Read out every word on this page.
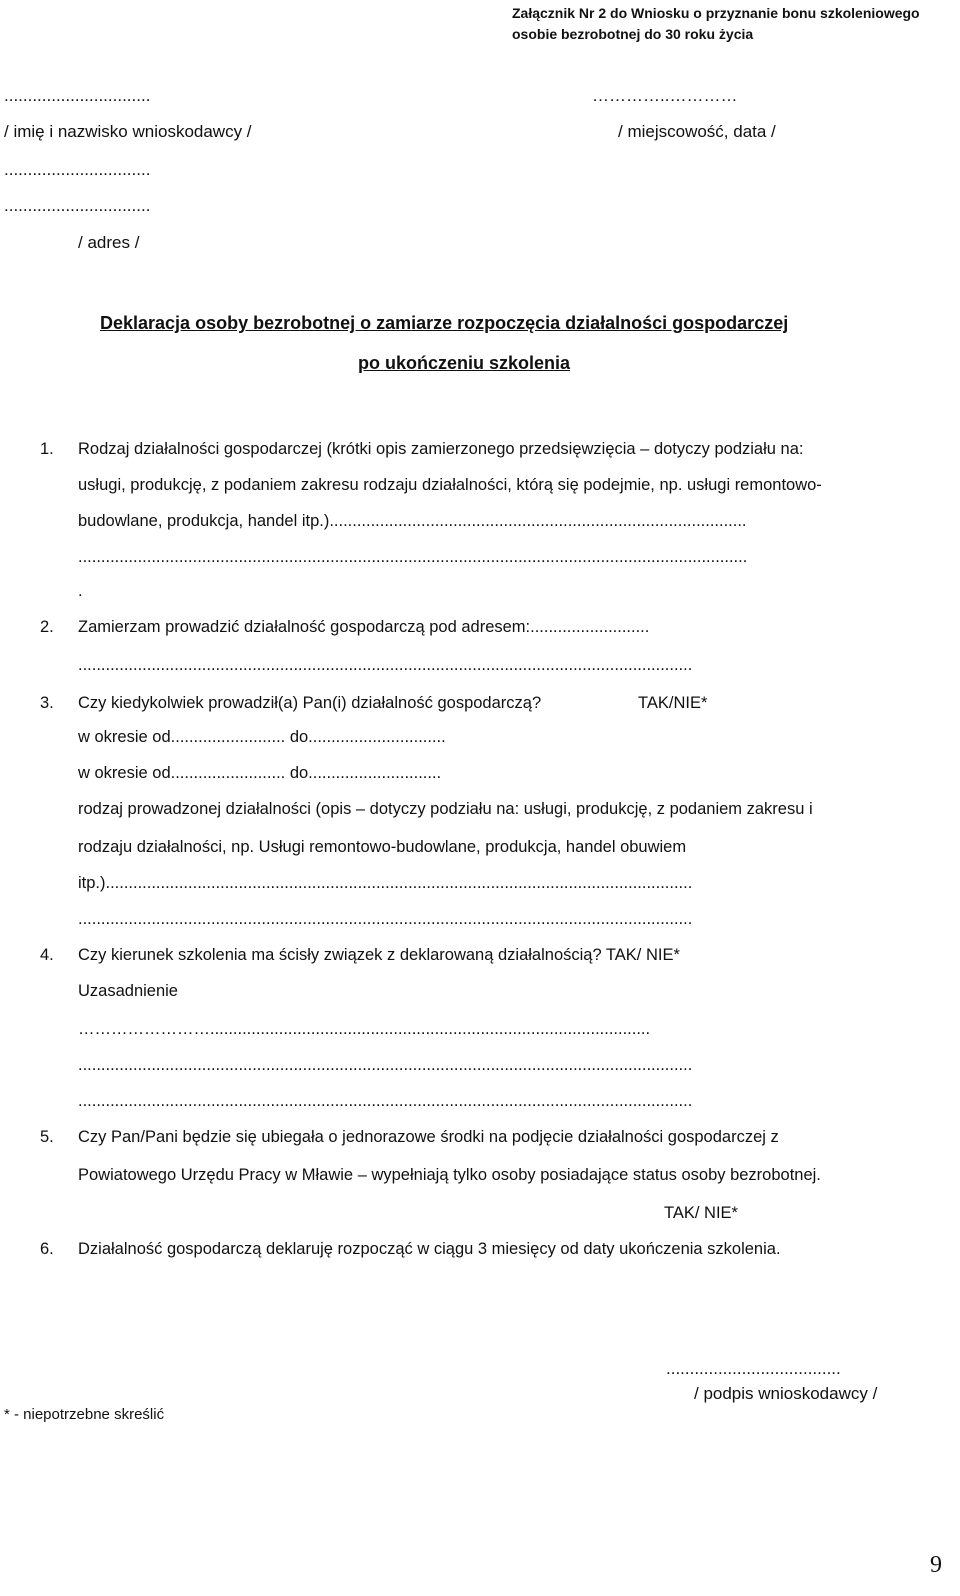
Załącznik Nr 2 do Wniosku o przyznanie bonu szkoleniowego
osobie bezrobotnej do 30 roku życia
...............................	…………..…………
/ imię i nazwisko wnioskodawcy /	/ miejscowość, data /
...............................
...............................
/ adres /
Deklaracja osoby bezrobotnej o zamiarze rozpoczęcia działalności gospodarczej
po ukończeniu szkolenia
1. Rodzaj działalności gospodarczej (krótki opis zamierzonego przedsięwzięcia – dotyczy podziału na:
usługi, produkcję, z podaniem zakresu rodzaju działalności, którą się podejmie, np. usługi remontowo-
budowlane, produkcja, handel itp.)...........................................................................................
..................................................................................................................................................
.
2. Zamierzam prowadzić działalność gospodarczą pod adresem:..........................
......................................................................................................................................
3. Czy kiedykolwiek prowadził(a) Pan(i) działalność gospodarczą?	TAK/NIE*
w okresie od......................... do..............................
w okresie od......................... do.............................
rodzaj prowadzonej działalności (opis – dotyczy podziału na: usługi, produkcję, z podaniem zakresu i
rodzaju działalności, np. Usługi remontowo-budowlane, produkcja, handel obuwiem
itp.)................................................................................................................................
......................................................................................................................................
4. Czy kierunek szkolenia ma ścisły związek z deklarowaną działalnością? TAK/ NIE*
Uzasadnienie
……………………................................................................................................
......................................................................................................................................
......................................................................................................................................
5. Czy Pan/Pani będzie się ubiegała o jednorazowe środki na podjęcie działalności gospodarczej z
Powiatowego Urzędu Pracy w Mławie – wypełniają tylko osoby posiadające status osoby bezrobotnej.
TAK/ NIE*
6. Działalność gospodarczą deklaruję rozpocząć w ciągu 3 miesięcy od daty ukończenia szkolenia.
.....................................
/ podpis wnioskodawcy /
* - niepotrzebne skreślić
9
